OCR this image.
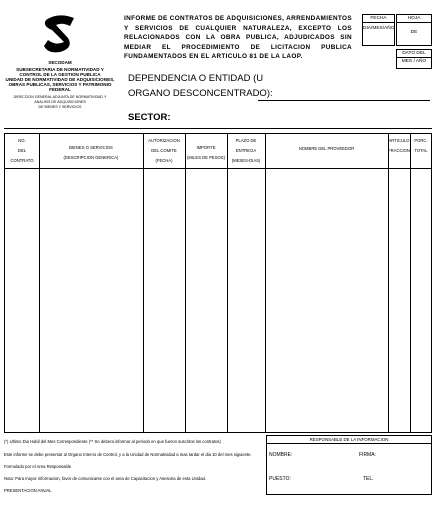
SECODAM
SUBSECRETARIA DE NORMATIVIDAD Y
CONTROL DE LA GESTION PUBLICA
UNIDAD DE NORMATIVIDAD DE ADQUISICIONES,
OBRAS PUBLICAS, SERVICIOS Y PATRIMONIO
FEDERAL
DIRECCION GENERAL ADJUNTA DE NORMATIVIDAD Y
ANALISIS DE ADQUISICIONES
DE BIENES Y SERVICIOS
INFORME DE CONTRATOS DE ADQUISICIONES, ARRENDAMIENTOS Y SERVICIOS DE CUALQUIER NATURALEZA, EXCEPTO LOS RELACIONADOS CON LA OBRA PUBLICA, ADJUDICADOS SIN MEDIAR EL PROCEDIMIENTO DE LICITACION PUBLICA FUNDAMENTADOS EN EL ARTICULO 81 DE LA LAOP.
FECHA
DIA/MES/AÑO
HOJA
DE
DATO DEL
MES / AÑO
DEPENDENCIA O ENTIDAD (U
ORGANO DESCONCENTRADO):
SECTOR:
NO.
DEL
CONTRATO
BIENES O SERVICIOS
(DESCRIPCION GENERICA)
AUTORIZACION
DEL COMITE
(FECHA)
IMPORTE
(MILES DE PESOS)
PLAZO DE
ENTREGA
(MESES-DIAS)
NOMBRE DEL PROVEEDOR
ARTICULO
FRACCION
PORC.
TOTAL
(*) Ultimo Dia Habil del Mes Correspondiente (** Se debera informar al periodo en que fueron suscritos los contratos)
Este informe se debe presentar al Organo Interno de Control, y a la Unidad de Normatividad a mas tardar el dia 10 del mes siguiente.
Formulado por el Area Responsable
Nota: Para mayor informacion, favor de comunicarse con el area de Capacitacion y Asesoria de esta Unidad.
PRESENTACION ANUAL
RESPONSABLE DE LA INFORMACION
NOMBRE:	FIRMA:
PUESTO:	TEL.
